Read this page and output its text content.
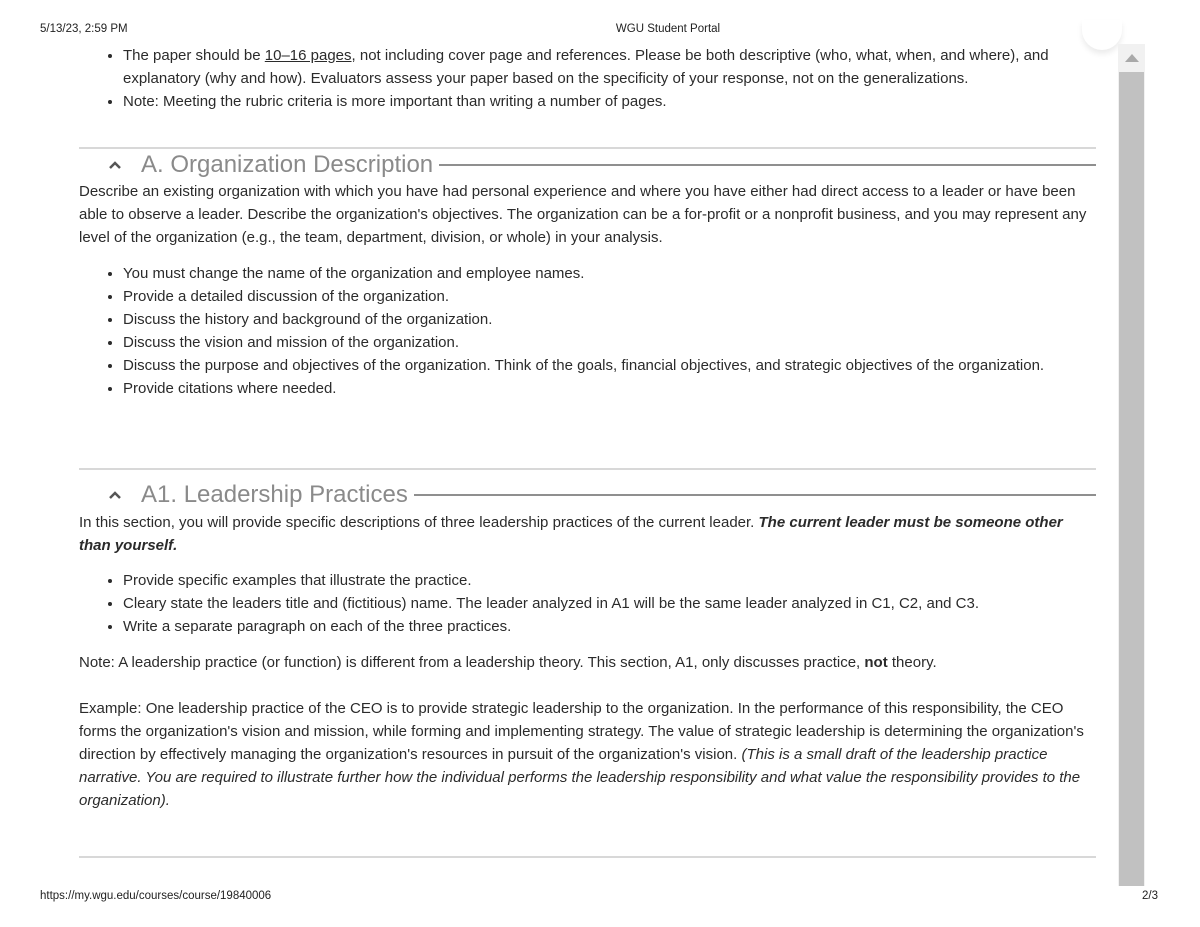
5/13/23, 2:59 PM	WGU Student Portal
• The paper should be 10–16 pages, not including cover page and references. Please be both descriptive (who, what, when, and where), and explanatory (why and how). Evaluators assess your paper based on the specificity of your response, not on the generalizations.
• Note: Meeting the rubric criteria is more important than writing a number of pages.
A. Organization Description
Describe an existing organization with which you have had personal experience and where you have either had direct access to a leader or have been able to observe a leader. Describe the organization's objectives. The organization can be a for-profit or a nonprofit business, and you may represent any level of the organization (e.g., the team, department, division, or whole) in your analysis.
• You must change the name of the organization and employee names.
• Provide a detailed discussion of the organization.
• Discuss the history and background of the organization.
• Discuss the vision and mission of the organization.
• Discuss the purpose and objectives of the organization. Think of the goals, financial objectives, and strategic objectives of the organization.
• Provide citations where needed.
A1. Leadership Practices
In this section, you will provide specific descriptions of three leadership practices of the current leader. The current leader must be someone other than yourself.
• Provide specific examples that illustrate the practice.
• Cleary state the leaders title and (fictitious) name. The leader analyzed in A1 will be the same leader analyzed in C1, C2, and C3.
• Write a separate paragraph on each of the three practices.
Note: A leadership practice (or function) is different from a leadership theory. This section, A1, only discusses practice, not theory.
Example: One leadership practice of the CEO is to provide strategic leadership to the organization. In the performance of this responsibility, the CEO forms the organization's vision and mission, while forming and implementing strategy. The value of strategic leadership is determining the organization's direction by effectively managing the organization's resources in pursuit of the organization's vision. (This is a small draft of the leadership practice narrative. You are required to illustrate further how the individual performs the leadership responsibility and what value the responsibility provides to the organization).
https://my.wgu.edu/courses/course/19840006	2/3
